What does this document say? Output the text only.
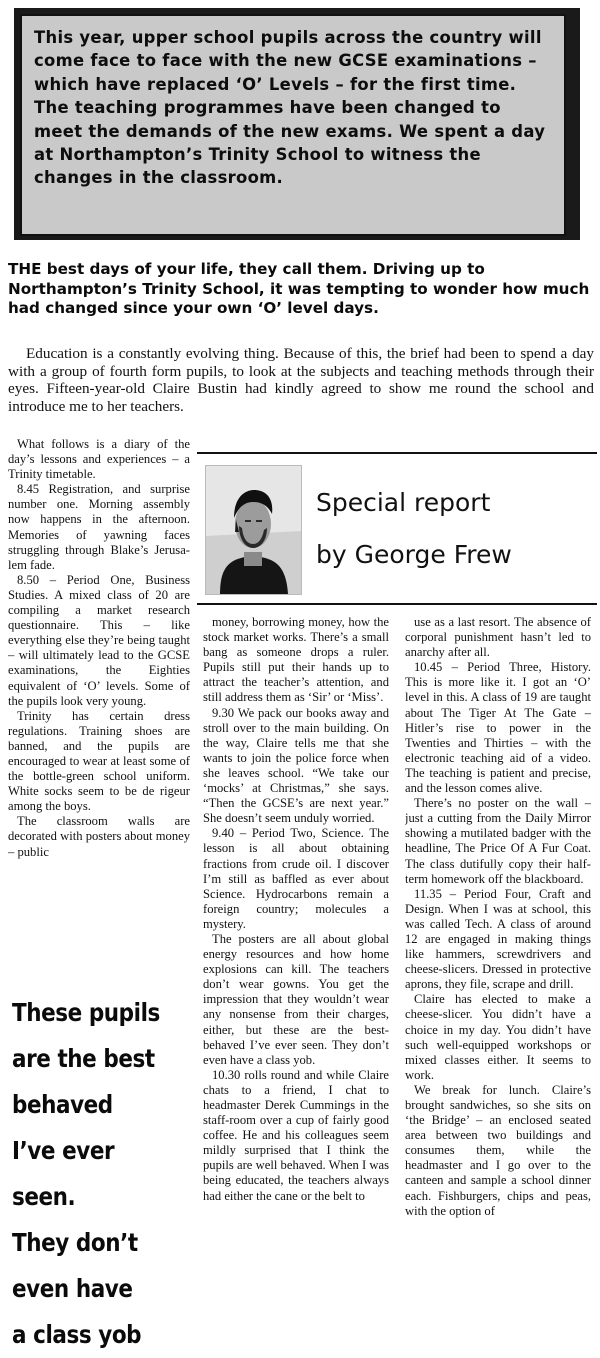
This year, upper school pupils across the country will come face to face with the new GCSE examinations – which have replaced ‘O’ Levels – for the first time. The teaching programmes have been changed to meet the demands of the new exams. We spent a day at Northampton’s Trinity School to witness the changes in the classroom.
THE best days of your life, they call them. Driving up to Northampton’s Trinity School, it was tempting to wonder how much had changed since your own ‘O’ level days.

Education is a constantly evolving thing. Because of this, the brief had been to spend a day with a group of fourth form pupils, to look at the subjects and teaching methods through their eyes. Fifteen-year-old Claire Bustin had kindly agreed to show me round the school and introduce me to her teachers.

What follows is a diary of the day’s lessons and experiences – a Trinity timetable.

8.45 Registration, and surprise number one. Morning assembly now happens in the afternoon. Memories of yawning faces struggling through Blake’s Jerusalem fade.

8.50 – Period One, Business Studies. A mixed class of 20 are compiling a market research questionnaire. This – like everything else they’re being taught – will ultimately lead to the GCSE examinations, the Eighties equivalent of ‘O’ levels. Some of the pupils look very young.

Trinity has certain dress regulations. Training shoes are banned, and the pupils are encouraged to wear at least some of the bottle-green school uniform. White socks seem to be de rigeur among the boys.

The classroom walls are decorated with posters about money – public

Special report
by George Frew

money, borrowing money, how the stock market works. There’s a small bang as someone drops a ruler. Pupils still put their hands up to attract the teacher’s attention, and still address them as ‘Sir’ or ‘Miss’.

9.30 We pack our books away and stroll over to the main building. On the way, Claire tells me that she wants to join the police force when she leaves school. “We take our ‘mocks’ at Christmas,” she says. “Then the GCSE’s are next year.” She doesn’t seem unduly worried.

9.40 – Period Two, Science. The lesson is all about obtaining fractions from crude oil. I discover I’m still as baffled as ever about Science. Hydrocarbons remain a foreign country; molecules a mystery.

The posters are all about global energy resources and how home explosions can kill. The teachers don’t wear gowns. You get the impression that they wouldn’t wear any nonsense from their charges, either, but these are the best-behaved I’ve ever seen. They don’t even have a class yob.

10.30 rolls round and while Claire chats to a friend, I chat to headmaster Derek Cummings in the staff-room over a cup of fairly good coffee. He and his colleagues seem mildly surprised that I think the pupils are well behaved. When I was being educated, the teachers always had either the cane or the belt to

use as a last resort. The absence of corporal punishment hasn’t led to anarchy after all.

10.45 – Period Three, History. This is more like it. I got an ‘O’ level in this. A class of 19 are taught about The Tiger At The Gate – Hitler’s rise to power in the Twenties and Thirties – with the electronic teaching aid of a video. The teaching is patient and precise, and the lesson comes alive.

There’s no poster on the wall – just a cutting from the Daily Mirror showing a mutilated badger with the headline, The Price Of A Fur Coat. The class dutifully copy their half-term homework off the blackboard.

11.35 – Period Four, Craft and Design. When I was at school, this was called Tech. A class of around 12 are engaged in making things like hammers, screwdrivers and cheese-slicers. Dressed in protective aprons, they file, scrape and drill.

Claire has elected to make a cheese-slicer. You didn’t have a choice in my day. You didn’t have such well-equipped workshops or mixed classes either. It seems to work.

We break for lunch. Claire’s brought sandwiches, so she sits on ‘the Bridge’ – an enclosed seated area between two buildings and consumes them, while the headmaster and I go over to the canteen and sample a school dinner each. Fishburgers, chips and peas, with the option of

These pupils
are the best
behaved
I’ve ever
seen.
They don’t
even have
a class yob
